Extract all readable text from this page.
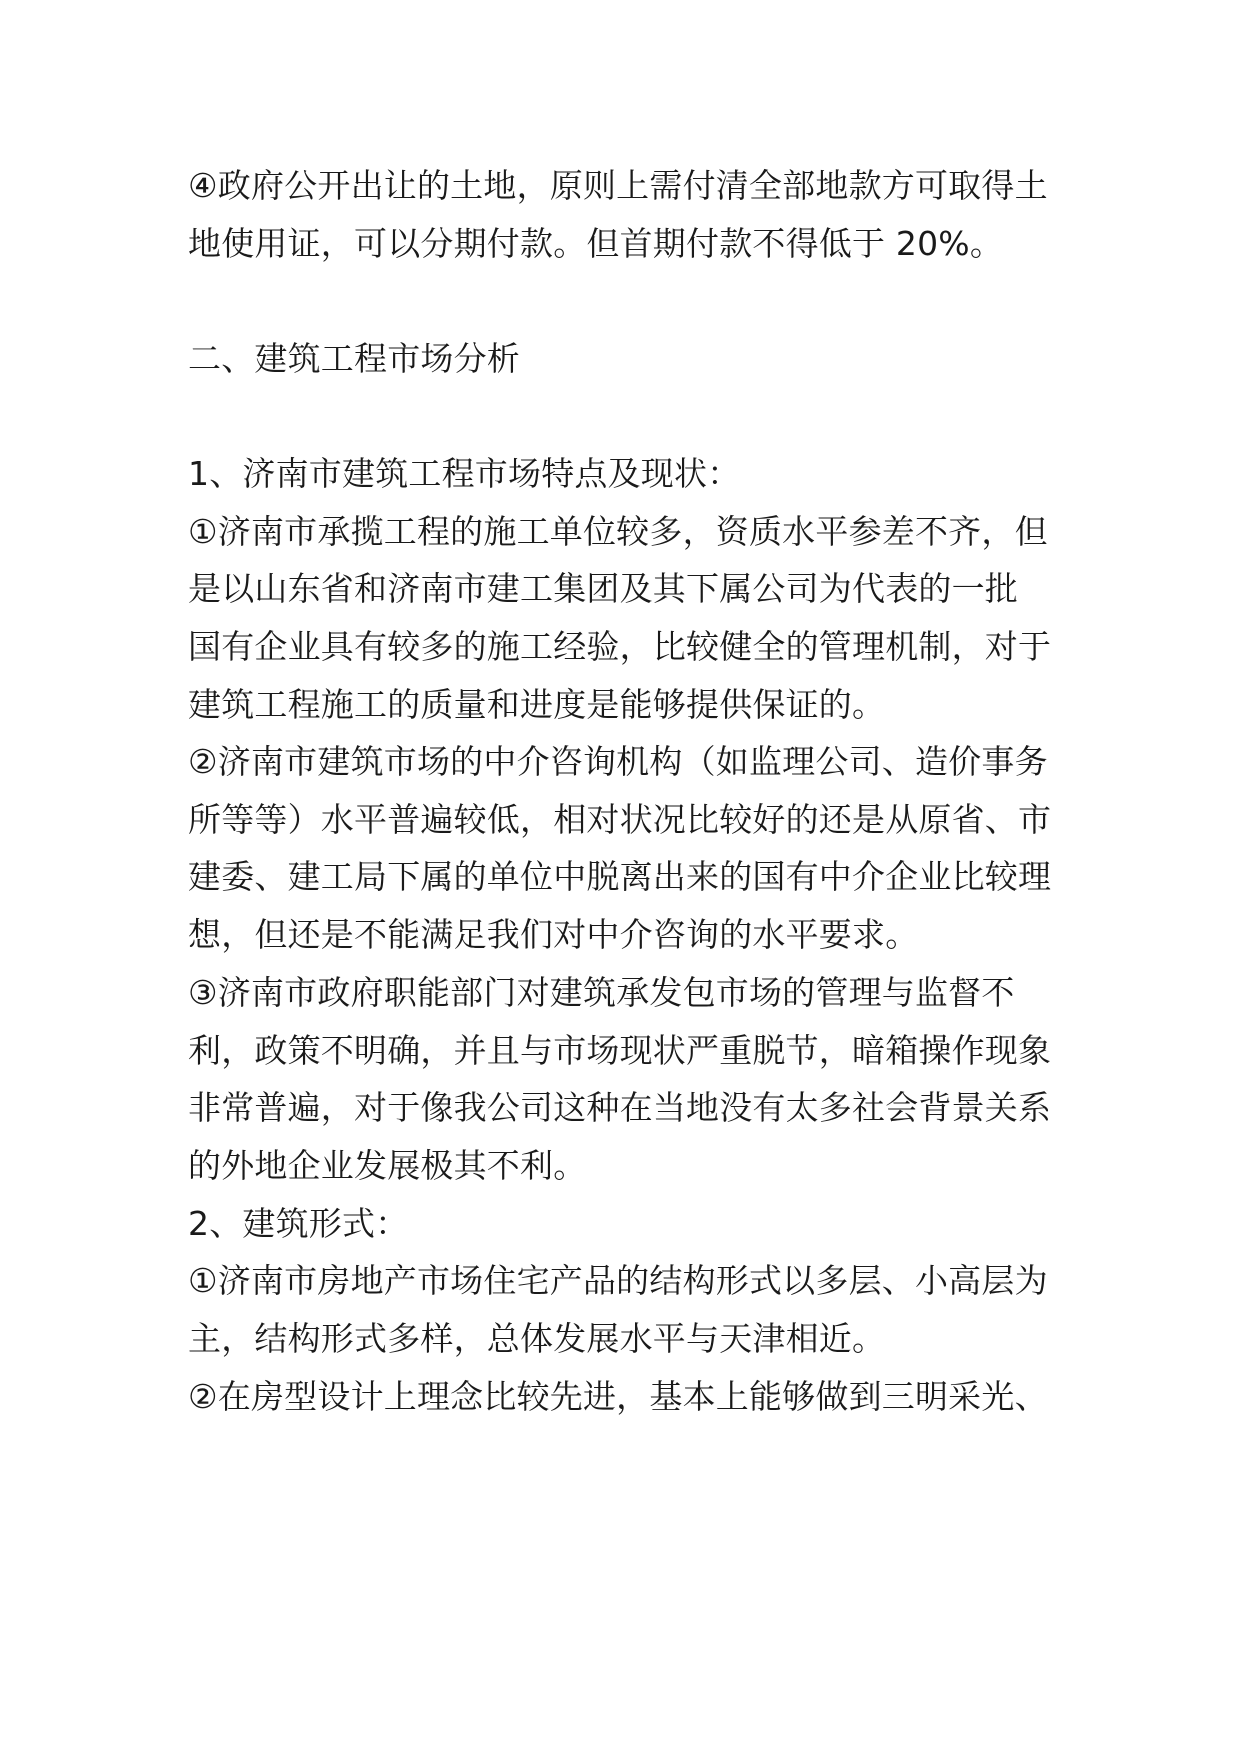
④政府公开出让的土地，原则上需付清全部地款方可取得土
地使用证，可以分期付款。但首期付款不得低于 20%。
二、建筑工程市场分析
1、济南市建筑工程市场特点及现状：
①济南市承揽工程的施工单位较多，资质水平参差不齐，但
是以山东省和济南市建工集团及其下属公司为代表的一批
国有企业具有较多的施工经验，比较健全的管理机制，对于
建筑工程施工的质量和进度是能够提供保证的。
②济南市建筑市场的中介咨询机构（如监理公司、造价事务
所等等）水平普遍较低，相对状况比较好的还是从原省、市
建委、建工局下属的单位中脱离出来的国有中介企业比较理
想，但还是不能满足我们对中介咨询的水平要求。
③济南市政府职能部门对建筑承发包市场的管理与监督不
利，政策不明确，并且与市场现状严重脱节，暗箱操作现象
非常普遍，对于像我公司这种在当地没有太多社会背景关系
的外地企业发展极其不利。
2、建筑形式：
①济南市房地产市场住宅产品的结构形式以多层、小高层为
主，结构形式多样，总体发展水平与天津相近。
②在房型设计上理念比较先进，基本上能够做到三明采光、
